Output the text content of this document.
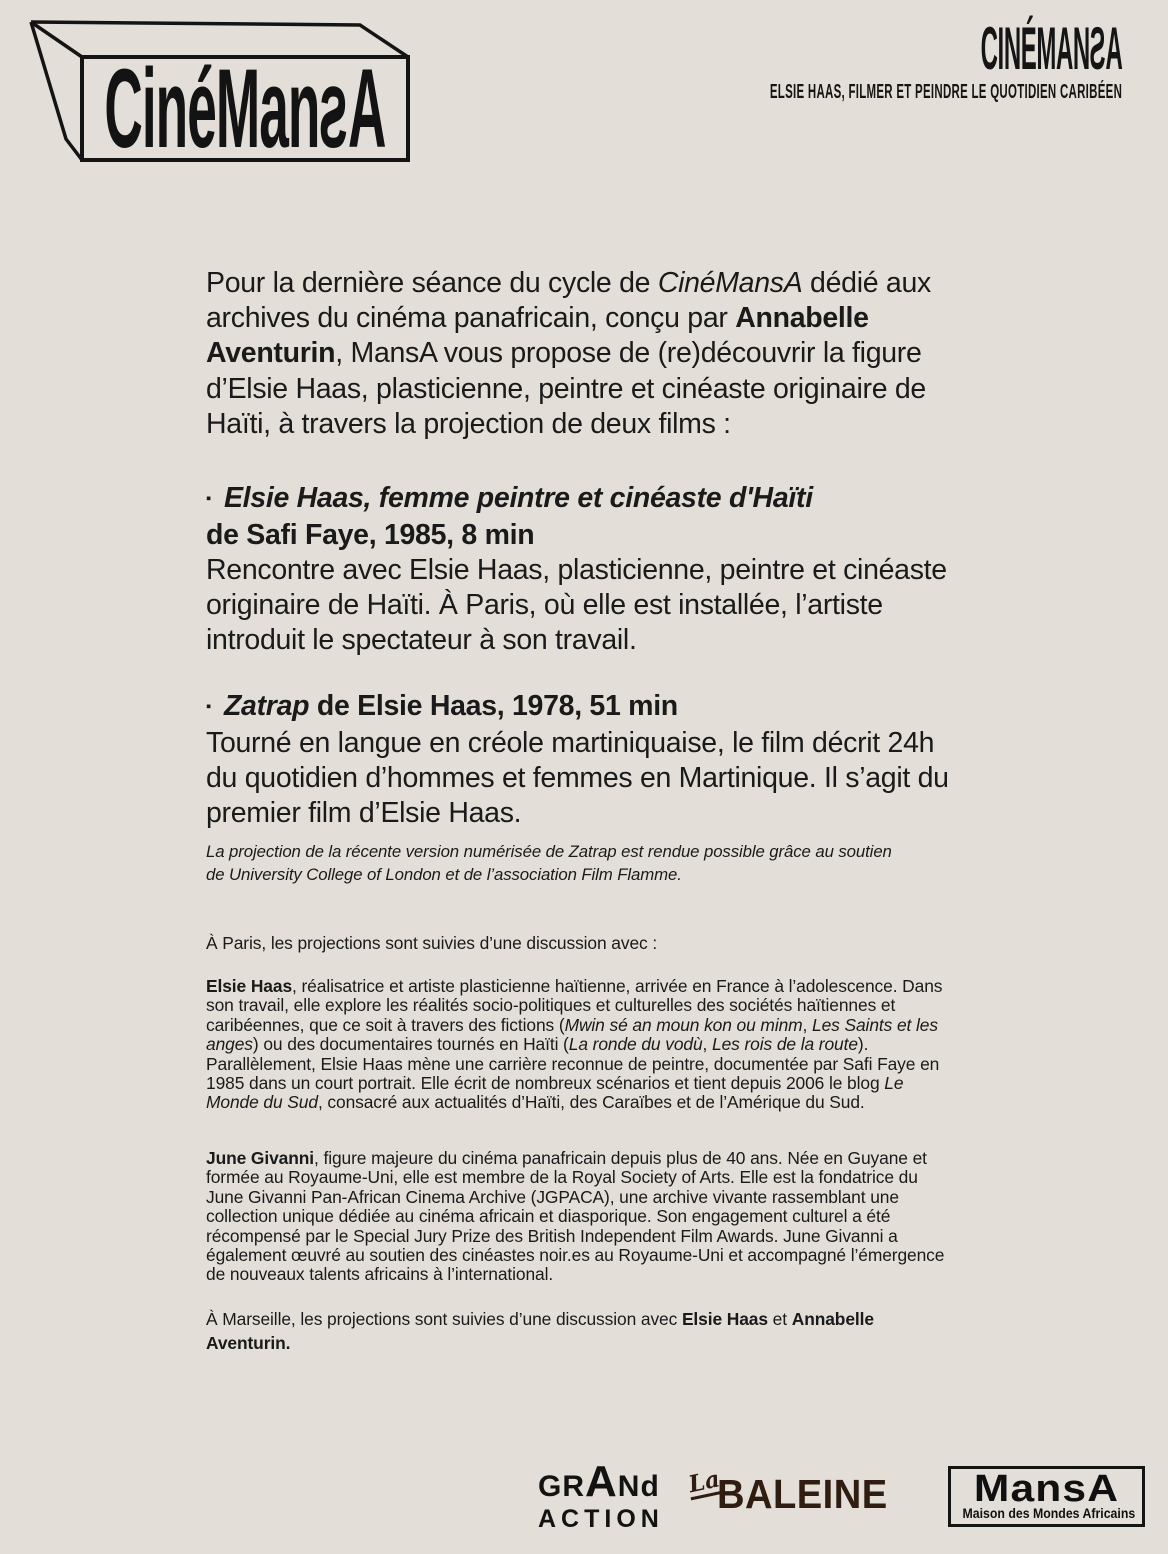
CinéMansA	CINÉMANSA
ELSIE HAAS, FILMER ET PEINDRE LE QUOTIDIEN CARIBÉEN
Pour la dernière séance du cycle de CinéMansA dédié aux archives du cinéma panafricain, conçu par Annabelle Aventurin, MansA vous propose de (re)découvrir la figure d’Elsie Haas, plasticienne, peintre et cinéaste originaire de Haïti, à travers la projection de deux films :
▪ Elsie Haas, femme peintre et cinéaste d'Haïti
de Safi Faye, 1985, 8 min
Rencontre avec Elsie Haas, plasticienne, peintre et cinéaste originaire de Haïti. À Paris, où elle est installée, l’artiste introduit le spectateur à son travail.
▪ Zatrap de Elsie Haas, 1978, 51 min
Tourné en langue en créole martiniquaise, le film décrit 24h du quotidien d’hommes et femmes en Martinique. Il s’agit du premier film d’Elsie Haas.
La projection de la récente version numérisée de Zatrap est rendue possible grâce au soutien de University College of London et de l’association Film Flamme.
À Paris, les projections sont suivies d’une discussion avec :
Elsie Haas, réalisatrice et artiste plasticienne haïtienne, arrivée en France à l’adolescence. Dans son travail, elle explore les réalités socio-politiques et culturelles des sociétés haïtiennes et caribéennes, que ce soit à travers des fictions (Mwin sé an moun kon ou minm, Les Saints et les anges) ou des documentaires tournés en Haïti (La ronde du vodù, Les rois de la route). Parallèlement, Elsie Haas mène une carrière reconnue de peintre, documentée par Safi Faye en 1985 dans un court portrait. Elle écrit de nombreux scénarios et tient depuis 2006 le blog Le Monde du Sud, consacré aux actualités d’Haïti, des Caraïbes et de l’Amérique du Sud.
June Givanni, figure majeure du cinéma panafricain depuis plus de 40 ans. Née en Guyane et formée au Royaume-Uni, elle est membre de la Royal Society of Arts. Elle est la fondatrice du June Givanni Pan-African Cinema Archive (JGPACA), une archive vivante rassemblant une collection unique dédiée au cinéma africain et diasporique. Son engagement culturel a été récompensé par le Special Jury Prize des British Independent Film Awards. June Givanni a également œuvré au soutien des cinéastes noir.es au Royaume-Uni et accompagné l’émergence de nouveaux talents africains à l’international.
À Marseille, les projections sont suivies d’une discussion avec Elsie Haas et Annabelle Aventurin.
GRANd
ACTION
La
BALEINE	MansA
Maison des Mondes Africains
